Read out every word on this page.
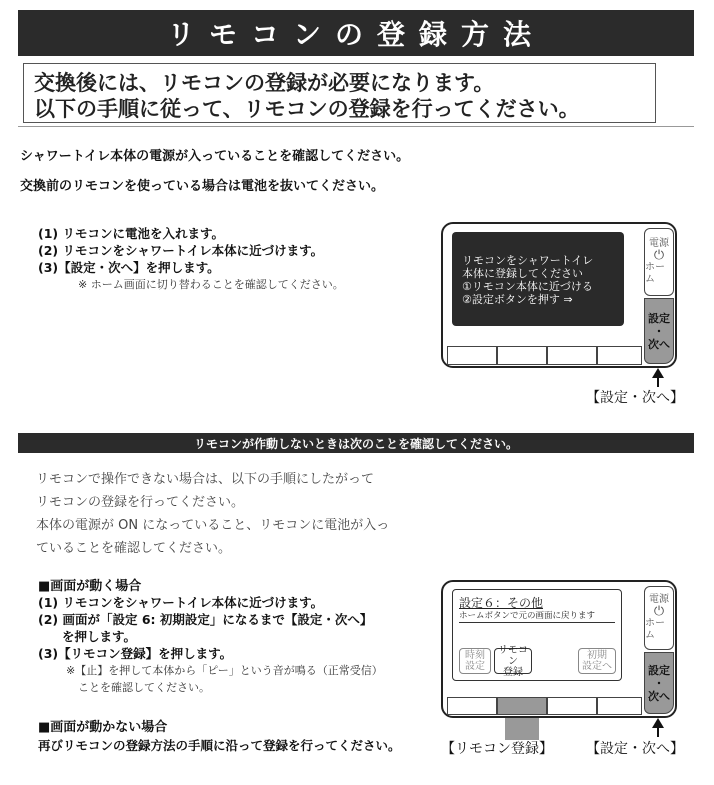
リモコンの登録方法
交換後には、リモコンの登録が必要になります。
以下の手順に従って、リモコンの登録を行ってください。
シャワートイレ本体の電源が入っていることを確認してください。
交換前のリモコンを使っている場合は電池を抜いてください。
(1) リモコンに電池を入れます。
(2) リモコンをシャワートイレ本体に近づけます。
(3)【設定・次へ】を押します。
※ ホーム画面に切り替わることを確認してください。
リモコンをシャワートイレ
本体に登録してください
①リモコン本体に近づける
②設定ボタンを押す ⇒
電源
⏻
ホーム
設定
・
次へ
【設定・次へ】
リモコンが作動しないときは次のことを確認してください。
リモコンで操作できない場合は、以下の手順にしたがって
リモコンの登録を行ってください。
本体の電源が ON になっていること、リモコンに電池が入っ
ていることを確認してください。
■画面が動く場合
(1) リモコンをシャワートイレ本体に近づけます。
(2) 画面が「設定 6: 初期設定」になるまで【設定・次へ】
を押します。
(3)【リモコン登録】を押します。
※【止】を押して本体から「ピー」という音が鳴る（正常受信）
ことを確認してください。
■画面が動かない場合
再びリモコンの登録方法の手順に沿って登録を行ってください。
設定６：その他
ホームボタンで元の画面に戻ります
時刻
設定
リモコン
登録
初期
設定へ
電源
⏻
ホーム
設定
・
次へ
【リモコン登録】 【設定・次へ】
